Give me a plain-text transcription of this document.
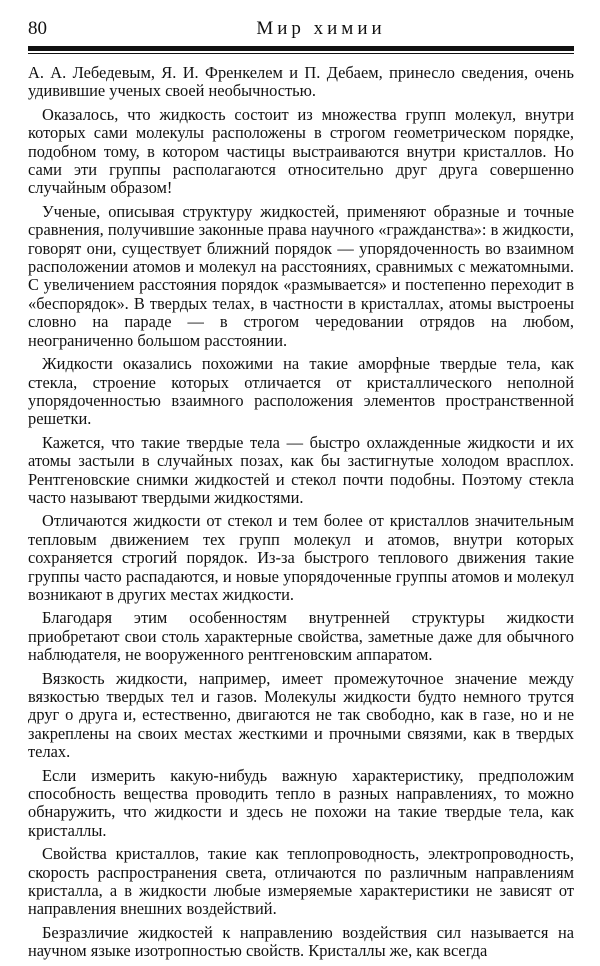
80	Мир химии

А. А. Лебедевым, Я. И. Френкелем и П. Дебаем, принесло сведения, очень удивившие ученых своей необычностью.

Оказалось, что жидкость состоит из множества групп молекул, внутри которых сами молекулы расположены в строгом геометрическом порядке, подобном тому, в котором частицы выстраиваются внутри кристаллов. Но сами эти группы располагаются относительно друг друга совершенно случайным образом!

Ученые, описывая структуру жидкостей, применяют образные и точные сравнения, получившие законные права научного «гражданства»: в жидкости, говорят они, существует ближний порядок — упорядоченность во взаимном расположении атомов и молекул на расстояниях, сравнимых с межатомными. С увеличением расстояния порядок «размывается» и постепенно переходит в «беспорядок». В твердых телах, в частности в кристаллах, атомы выстроены словно на параде — в строгом чередовании отрядов на любом, неограниченно большом расстоянии.

Жидкости оказались похожими на такие аморфные твердые тела, как стекла, строение которых отличается от кристаллического неполной упорядоченностью взаимного расположения элементов пространственной решетки.

Кажется, что такие твердые тела — быстро охлажденные жидкости и их атомы застыли в случайных позах, как бы застигнутые холодом врасплох. Рентгеновские снимки жидкостей и стекол почти подобны. Поэтому стекла часто называют твердыми жидкостями.

Отличаются жидкости от стекол и тем более от кристаллов значительным тепловым движением тех групп молекул и атомов, внутри которых сохраняется строгий порядок. Из-за быстрого теплового движения такие группы часто распадаются, и новые упорядоченные группы атомов и молекул возникают в других местах жидкости.

Благодаря этим особенностям внутренней структуры жидкости приобретают свои столь характерные свойства, заметные даже для обычного наблюдателя, не вооруженного рентгеновским аппаратом.

Вязкость жидкости, например, имеет промежуточное значение между вязкостью твердых тел и газов. Молекулы жидкости будто немного трутся друг о друга и, естественно, двигаются не так свободно, как в газе, но и не закреплены на своих местах жесткими и прочными связями, как в твердых телах.

Если измерить какую-нибудь важную характеристику, предположим способность вещества проводить тепло в разных направлениях, то можно обнаружить, что жидкости и здесь не похожи на такие твердые тела, как кристаллы.

Свойства кристаллов, такие как теплопроводность, электропроводность, скорость распространения света, отличаются по различным направлениям кристалла, а в жидкости любые измеряемые характеристики не зависят от направления внешних воздействий.

Безразличие жидкостей к направлению воздействия сил называется на научном языке изотропностью свойств. Кристаллы же, как всегда
